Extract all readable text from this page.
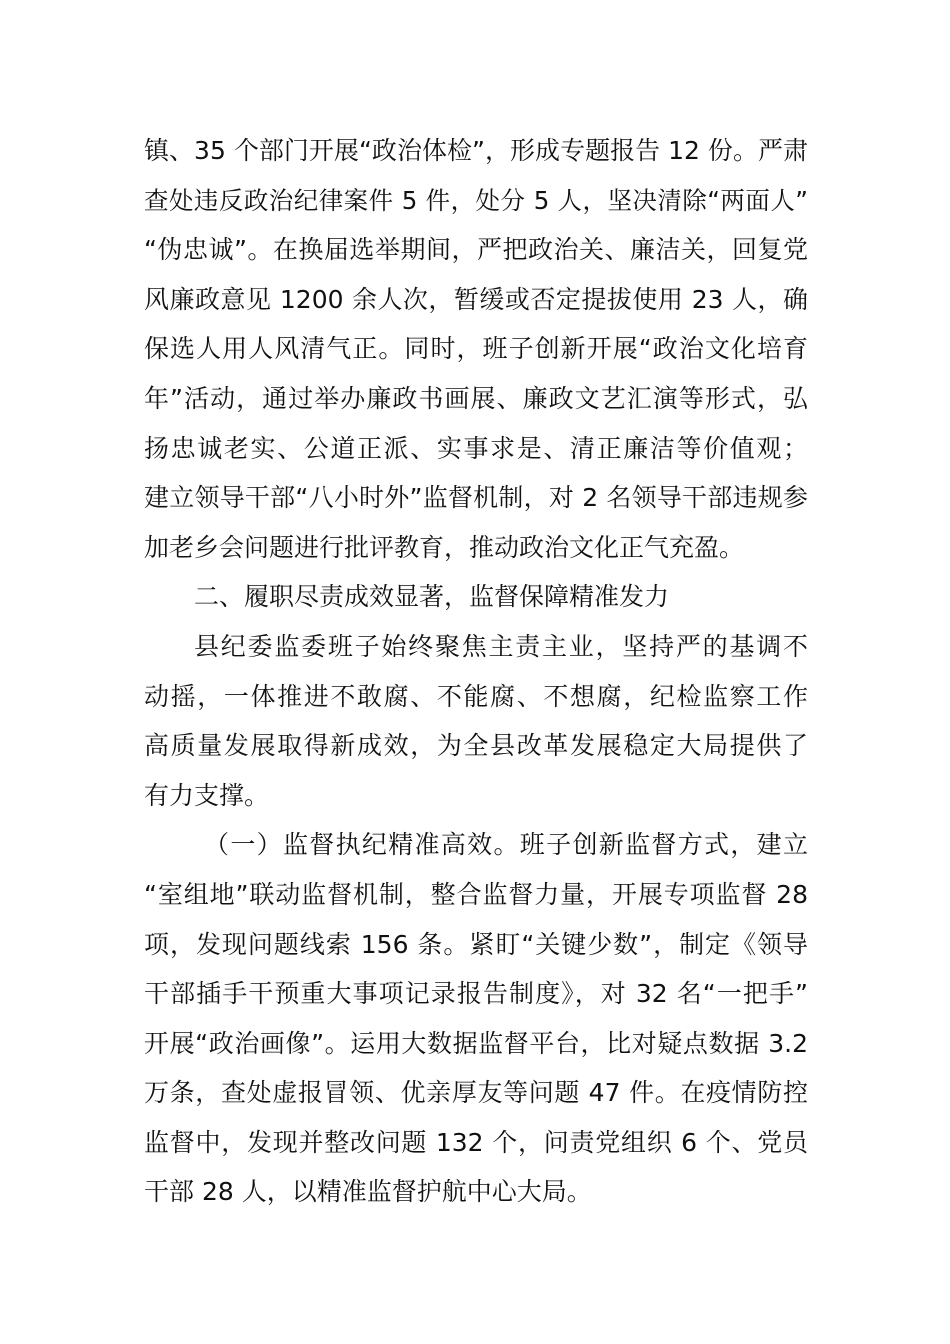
镇、35 个部门开展“政治体检”，形成专题报告 12 份。严肃
查处违反政治纪律案件 5 件，处分 5 人，坚决清除“两面人”
“伪忠诚”。在换届选举期间，严把政治关、廉洁关，回复党
风廉政意见 1200 余人次，暂缓或否定提拔使用 23 人，确
保选人用人风清气正。同时，班子创新开展“政治文化培育
年”活动，通过举办廉政书画展、廉政文艺汇演等形式，弘
扬忠诚老实、公道正派、实事求是、清正廉洁等价值观；
建立领导干部“八小时外”监督机制，对 2 名领导干部违规参
加老乡会问题进行批评教育，推动政治文化正气充盈。
二、履职尽责成效显著，监督保障精准发力
县纪委监委班子始终聚焦主责主业，坚持严的基调不
动摇，一体推进不敢腐、不能腐、不想腐，纪检监察工作
高质量发展取得新成效，为全县改革发展稳定大局提供了
有力支撑。
（一）监督执纪精准高效。班子创新监督方式，建立
“室组地”联动监督机制，整合监督力量，开展专项监督 28
项，发现问题线索 156 条。紧盯“关键少数”，制定《领导
干部插手干预重大事项记录报告制度》，对 32 名“一把手”
开展“政治画像”。运用大数据监督平台，比对疑点数据 3.2
万条，查处虚报冒领、优亲厚友等问题 47 件。在疫情防控
监督中，发现并整改问题 132 个，问责党组织 6 个、党员
干部 28 人，以精准监督护航中心大局。
